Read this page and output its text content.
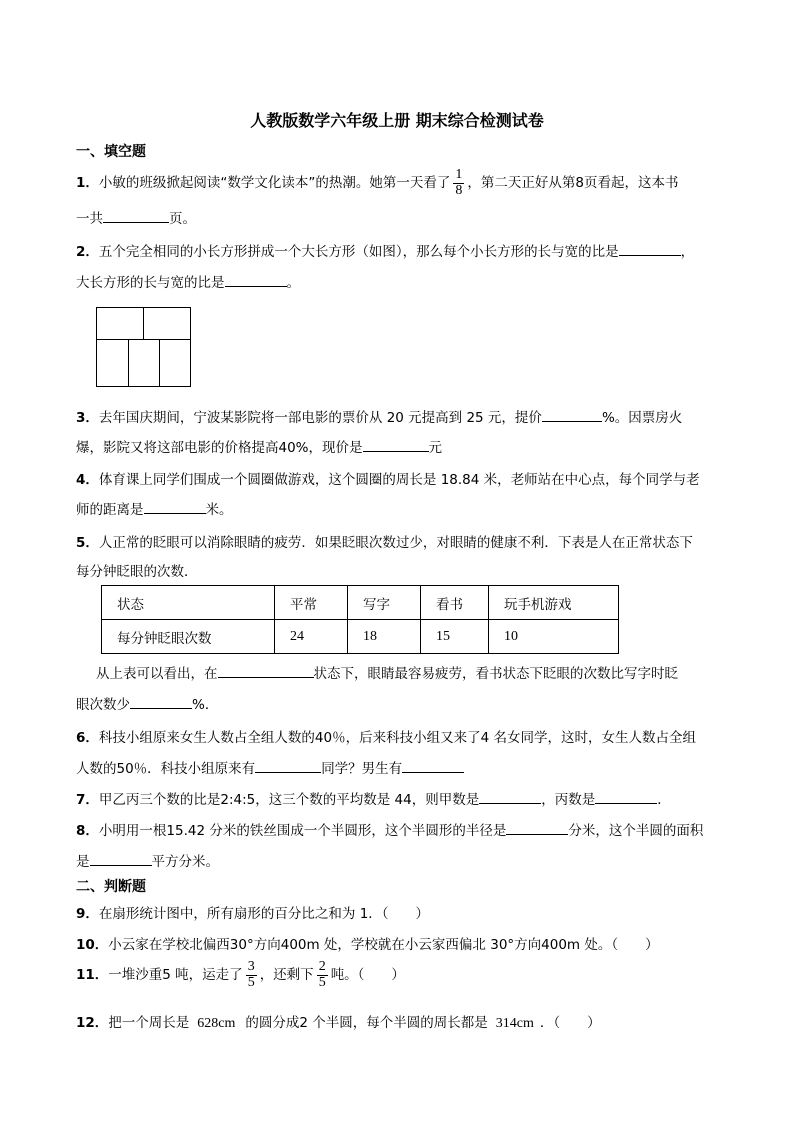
人教版数学六年级上册 期末综合检测试卷
一、填空题
1．小敏的班级掀起阅读“数学文化读本”的热潮。她第一天看了 $\frac{1}{8}$ ，第二天正好从第8页看起，这本书
一共	页。
2．五个完全相同的小长方形拼成一个大长方形（如图），那么每个小长方形的长与宽的比是	，
大长方形的长与宽的比是	。
3．去年国庆期间，宁波某影院将一部电影的票价从 20 元提高到 25 元，提价	%。因票房火
爆，影院又将这部电影的价格提高40%，现价是	元
4．体育课上同学们围成一个圆圈做游戏，这个圆圈的周长是 18.84 米，老师站在中心点，每个同学与老
师的距离是	米。
5．人正常的眨眼可以消除眼睛的疲劳．如果眨眼次数过少，对眼睛的健康不利．下表是人在正常状态下
每分钟眨眼的次数．
状态	平常	写字	看书	玩手机游戏
每分钟眨眼次数	24	18	15	10
从上表可以看出，在	状态下，眼睛最容易疲劳，看书状态下眨眼的次数比写字时眨
眼次数少	%．
6．科技小组原来女生人数占全组人数的40％，后来科技小组又来了4 名女同学，这时，女生人数占全组
人数的50％．科技小组原来有	同学？男生有
7．甲乙丙三个数的比是2:4:5，这三个数的平均数是 44，则甲数是	，丙数是	．
8．小明用一根15.42 分米的铁丝围成一个半圆形，这个半圆形的半径是	分米，这个半圆的面积
是	平方分米。
二、判断题
9．在扇形统计图中，所有扇形的百分比之和为 1．（　　）
10．小云家在学校北偏西30°方向400m 处，学校就在小云家西偏北 30°方向400m 处。（　　）
11．一堆沙重5 吨，运走了 $\frac{3}{5}$ ，还剩下 $\frac{2}{5}$ 吨。（　　）
12．把一个周长是 628cm 的圆分成2 个半圆，每个半圆的周长都是 314cm ．（　　）
